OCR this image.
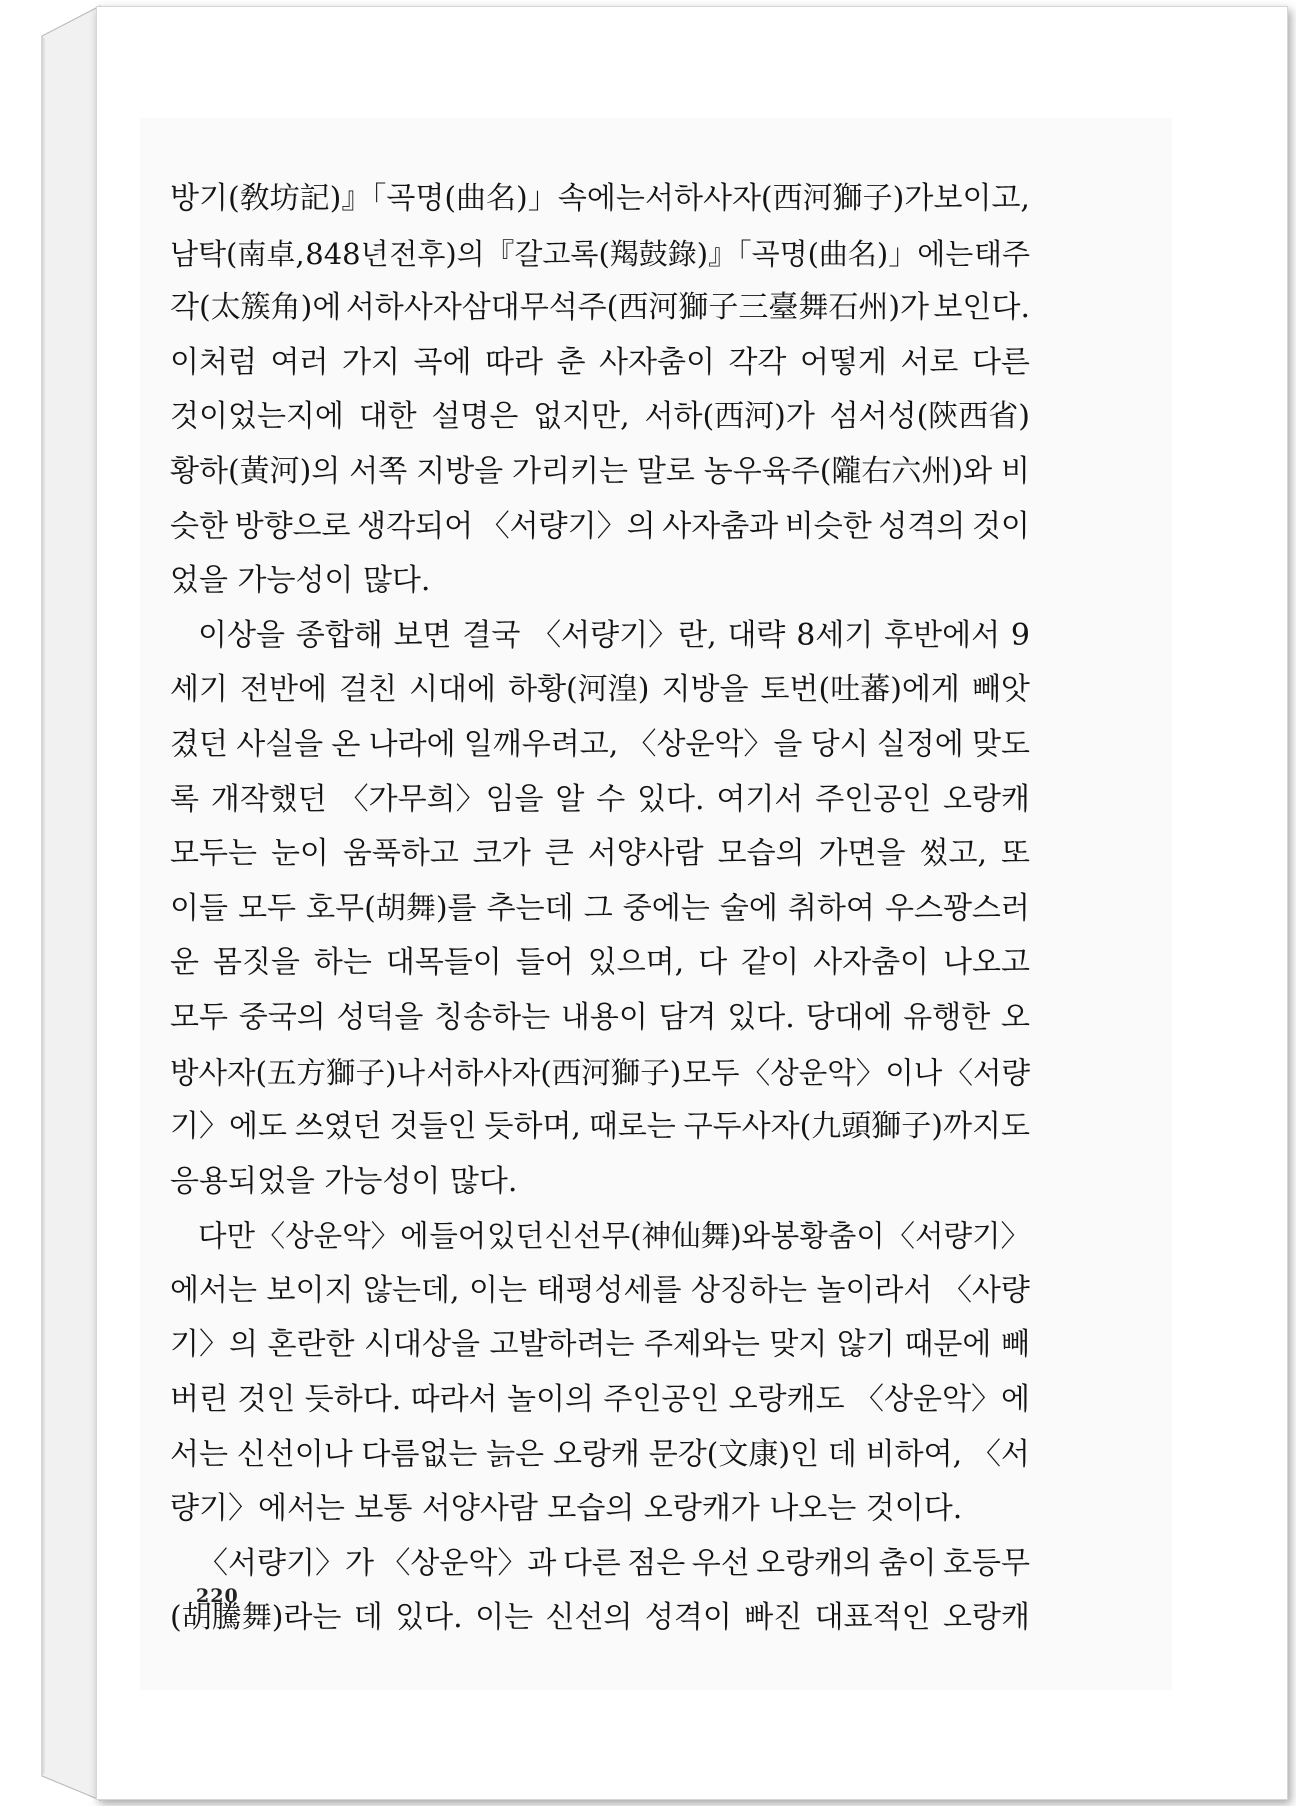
방기(敎坊記)』「곡명(曲名)」 속에는 서하사자(西河獅子)가 보이고,
남탁(南卓, 848년 전후)의 『갈고록(羯鼓錄)』「곡명(曲名)」에는 태주
각(太簇角)에 서하사자삼대무석주(西河獅子三臺舞石州)가 보인다.
이처럼 여러 가지 곡에 따라 춘 사자춤이 각각 어떻게 서로 다른
것이었는지에 대한 설명은 없지만, 서하(西河)가 섬서성(陝西省)
황하(黃河)의 서쪽 지방을 가리키는 말로 농우육주(隴右六州)와 비
슷한 방향으로 생각되어 〈서량기〉의 사자춤과 비슷한 성격의 것이
었을 가능성이 많다.
이상을 종합해 보면 결국 〈서량기〉란, 대략 8세기 후반에서 9
세기 전반에 걸친 시대에 하황(河湟) 지방을 토번(吐蕃)에게 빼앗
겼던 사실을 온 나라에 일깨우려고, 〈상운악〉을 당시 실정에 맞도
록 개작했던 〈가무희〉임을 알 수 있다. 여기서 주인공인 오랑캐
모두는 눈이 움푹하고 코가 큰 서양사람 모습의 가면을 썼고, 또
이들 모두 호무(胡舞)를 추는데 그 중에는 술에 취하여 우스꽝스러
운 몸짓을 하는 대목들이 들어 있으며, 다 같이 사자춤이 나오고
모두 중국의 성덕을 칭송하는 내용이 담겨 있다. 당대에 유행한 오
방사자(五方獅子)나 서하사자(西河獅子) 모두 〈상운악〉이나 〈서량
기〉에도 쓰였던 것들인 듯하며, 때로는 구두사자(九頭獅子)까지도
응용되었을 가능성이 많다.
다만 〈상운악〉에 들어 있던 신선무(神仙舞)와 봉황춤이 〈서량기〉
에서는 보이지 않는데, 이는 태평성세를 상징하는 놀이라서 〈사량
기〉의 혼란한 시대상을 고발하려는 주제와는 맞지 않기 때문에 빼
버린 것인 듯하다. 따라서 놀이의 주인공인 오랑캐도 〈상운악〉에
서는 신선이나 다름없는 늙은 오랑캐 문강(文康)인 데 비하여, 〈서
량기〉에서는 보통 서양사람 모습의 오랑캐가 나오는 것이다.
〈서량기〉가 〈상운악〉과 다른 점은 우선 오랑캐의 춤이 호등무
(胡騰舞)라는 데 있다. 이는 신선의 성격이 빠진 대표적인 오랑캐
220
